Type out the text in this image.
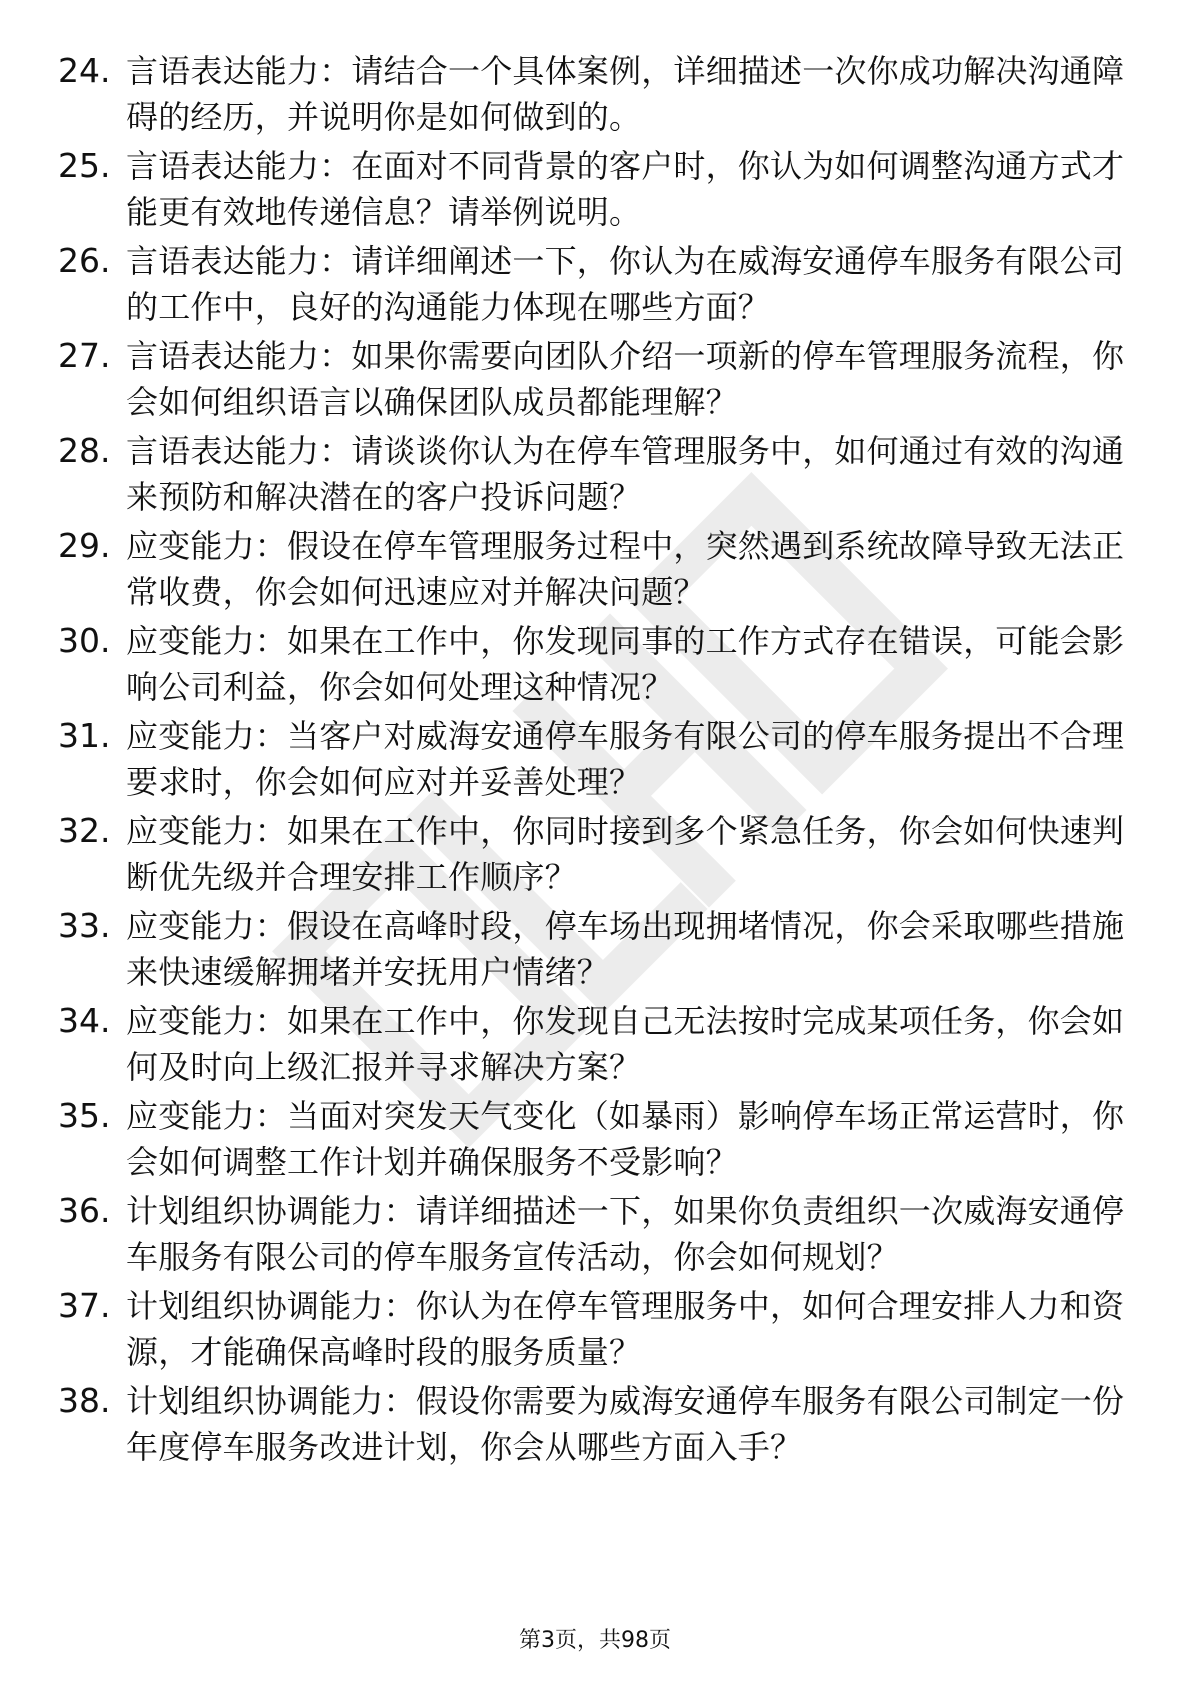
24. 言语表达能力：请结合一个具体案例，详细描述一次你成功解决沟通障碍的经历，并说明你是如何做到的。
25. 言语表达能力：在面对不同背景的客户时，你认为如何调整沟通方式才能更有效地传递信息？请举例说明。
26. 言语表达能力：请详细阐述一下，你认为在威海安通停车服务有限公司的工作中，良好的沟通能力体现在哪些方面？
27. 言语表达能力：如果你需要向团队介绍一项新的停车管理服务流程，你会如何组织语言以确保团队成员都能理解？
28. 言语表达能力：请谈谈你认为在停车管理服务中，如何通过有效的沟通来预防和解决潜在的客户投诉问题？
29. 应变能力：假设在停车管理服务过程中，突然遇到系统故障导致无法正常收费，你会如何迅速应对并解决问题？
30. 应变能力：如果在工作中，你发现同事的工作方式存在错误，可能会影响公司利益，你会如何处理这种情况？
31. 应变能力：当客户对威海安通停车服务有限公司的停车服务提出不合理要求时，你会如何应对并妥善处理？
32. 应变能力：如果在工作中，你同时接到多个紧急任务，你会如何快速判断优先级并合理安排工作顺序？
33. 应变能力：假设在高峰时段，停车场出现拥堵情况，你会采取哪些措施来快速缓解拥堵并安抚用户情绪？
34. 应变能力：如果在工作中，你发现自己无法按时完成某项任务，你会如何及时向上级汇报并寻求解决方案？
35. 应变能力：当面对突发天气变化（如暴雨）影响停车场正常运营时，你会如何调整工作计划并确保服务不受影响？
36. 计划组织协调能力：请详细描述一下，如果你负责组织一次威海安通停车服务有限公司的停车服务宣传活动，你会如何规划？
37. 计划组织协调能力：你认为在停车管理服务中，如何合理安排人力和资源，才能确保高峰时段的服务质量？
38. 计划组织协调能力：假设你需要为威海安通停车服务有限公司制定一份年度停车服务改进计划，你会从哪些方面入手？
第3页，共98页
